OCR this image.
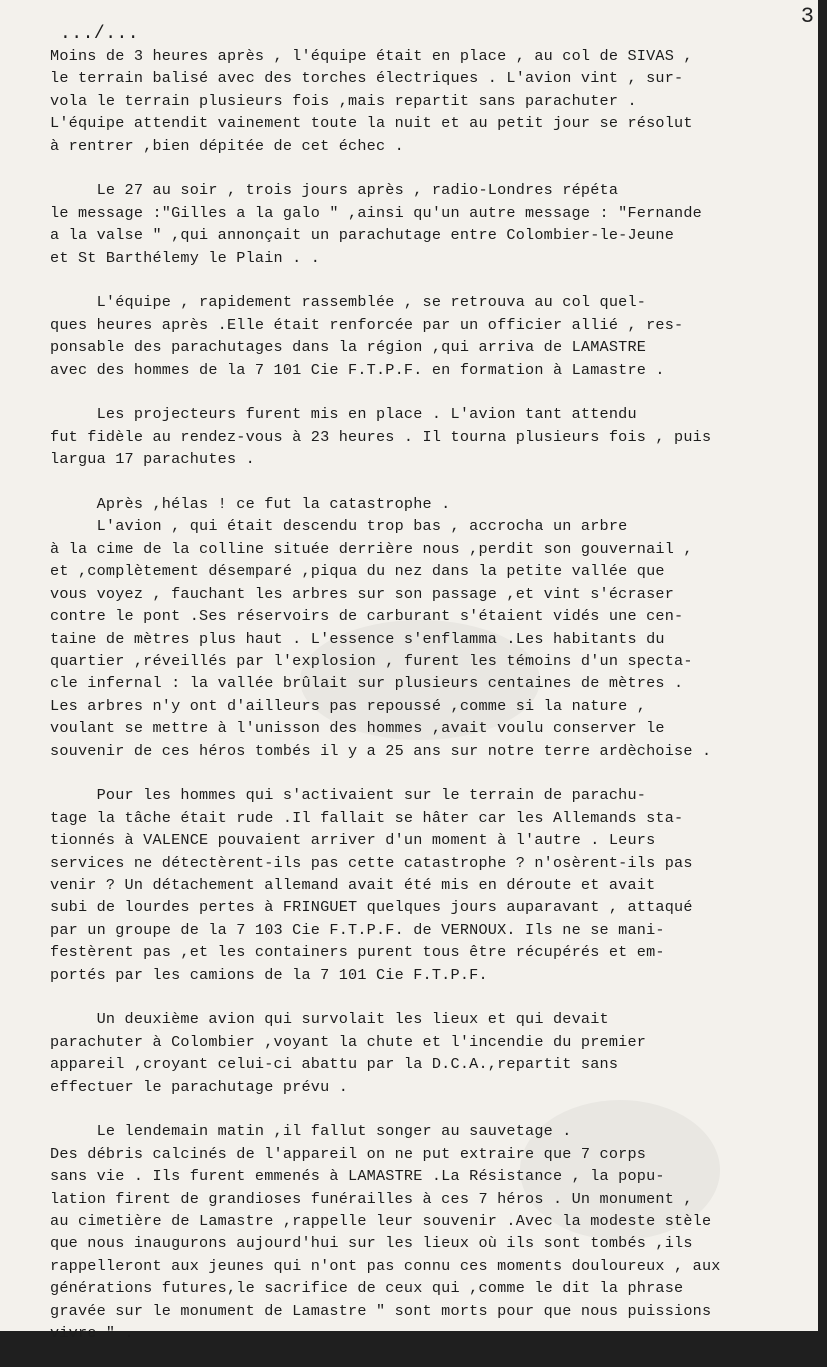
3
.../...
Moins de 3 heures après , l'équipe était en place , au col de SIVAS ,
le terrain balisé avec des torches électriques . L'avion vint , sur-
vola le terrain plusieurs fois ,mais repartit sans parachuter .
L'équipe attendit vainement toute la nuit et au petit jour se résolut
à rentrer ,bien dépitée de cet échec .
Le 27 au soir , trois jours après , radio-Londres répéta
le message :"Gilles a la galo " ,ainsi qu'un autre message : "Fernande
a la valse " ,qui annonçait un parachutage entre Colombier-le-Jeune
et St Barthélemy le Plain . .
L'équipe , rapidement rassemblée , se retrouva au col quel-
ques heures après .Elle était renforcée par un officier allié , res-
ponsable des parachutages dans la région ,qui arriva de LAMASTRE
avec des hommes de la 7 101 Cie F.T.P.F. en formation à Lamastre .
Les projecteurs furent mis en place . L'avion tant attendu
fut fidèle au rendez-vous à 23 heures . Il tourna plusieurs fois , puis
largua 17 parachutes .
Après ,hélas ! ce fut la catastrophe .
L'avion , qui était descendu trop bas , accrocha un arbre
à la cime de la colline située derrière nous ,perdit son gouvernail ,
et ,complètement désemparé ,piqua du nez dans la petite vallée que
vous voyez , fauchant les arbres sur son passage ,et vint s'écraser
contre le pont .Ses réservoirs de carburant s'étaient vidés une cen-
taine de mètres plus haut . L'essence s'enflamma .Les habitants du
quartier ,réveillés par l'explosion , furent les témoins d'un specta-
cle infernal : la vallée brûlait sur plusieurs centaines de mètres .
Les arbres n'y ont d'ailleurs pas repoussé ,comme si la nature ,
voulant se mettre à l'unisson des hommes ,avait voulu conserver le
souvenir de ces héros tombés il y a 25 ans sur notre terre ardèchoise .
Pour les hommes qui s'activaient sur le terrain de parachu-
tage la tâche était rude .Il fallait se hâter car les Allemands sta-
tionnés à VALENCE pouvaient arriver d'un moment à l'autre . Leurs
services ne détectèrent-ils pas cette catastrophe ? n'osèrent-ils pas
venir ? Un détachement allemand avait été mis en déroute et avait
subi de lourdes pertes à FRINGUET quelques jours auparavant , attaqué
par un groupe de la 7 103 Cie F.T.P.F. de VERNOUX. Ils ne se mani-
festèrent pas ,et les containers purent tous être récupérés et em-
portés par les camions de la 7 101 Cie F.T.P.F.
Un deuxième avion qui survolait les lieux et qui devait
parachuter à Colombier ,voyant la chute et l'incendie du premier
appareil ,croyant celui-ci abattu par la D.C.A.,repartit sans
effectuer le parachutage prévu .
Le lendemain matin ,il fallut songer au sauvetage .
Des débris calcinés de l'appareil on ne put extraire que 7 corps
sans vie . Ils furent emmenés à LAMASTRE .La Résistance , la popu-
lation firent de grandioses funérailles à ces 7 héros . Un monument ,
au cimetière de Lamastre ,rappelle leur souvenir .Avec la modeste stèle
que nous inaugurons aujourd'hui sur les lieux où ils sont tombés ,ils
rappelleront aux jeunes qui n'ont pas connu ces moments douloureux , aux
générations futures,le sacrifice de ceux qui ,comme le dit la phrase
gravée sur le monument de Lamastre " sont morts pour que nous puissions
vivre " .
